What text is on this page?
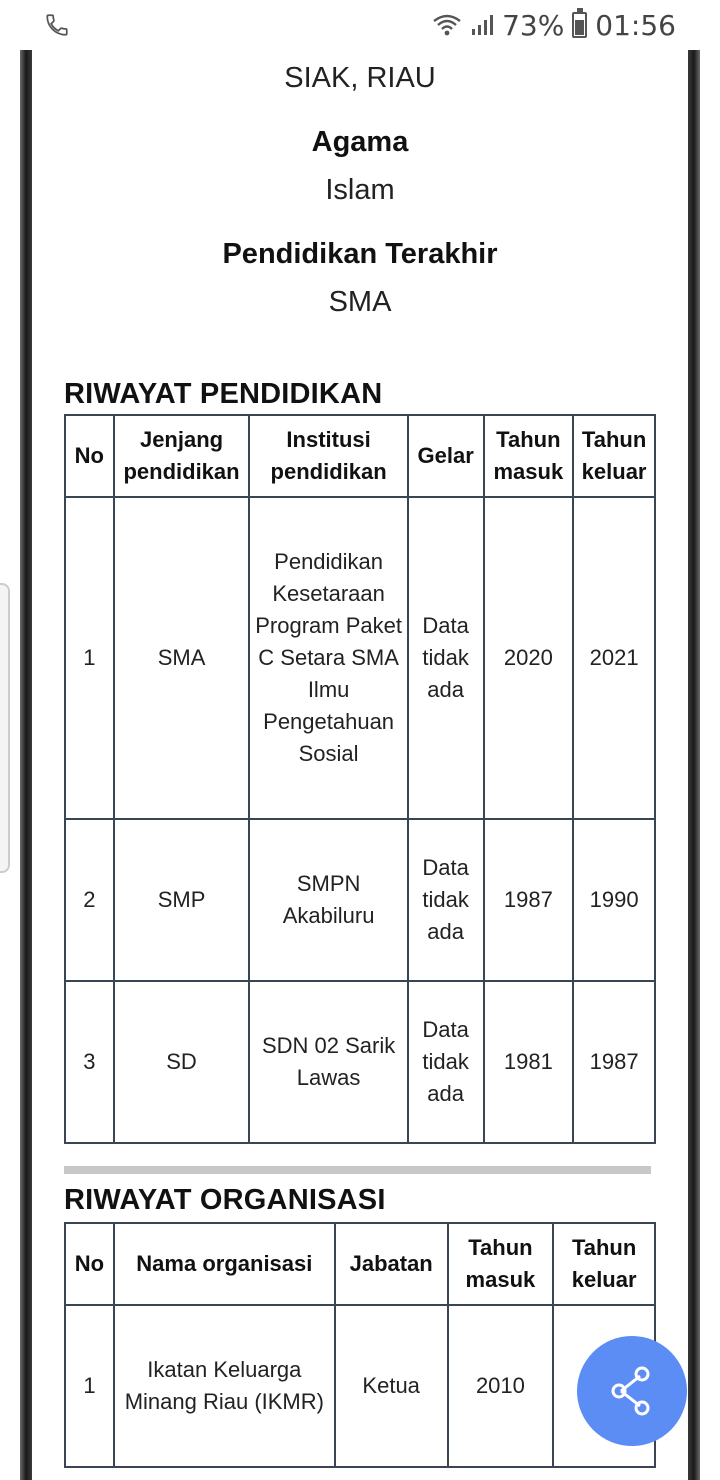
73% 01:56
SIAK, RIAU
Agama
Islam
Pendidikan Terakhir
SMA
RIWAYAT PENDIDIKAN
No	Jenjang pendidikan	Institusi pendidikan	Gelar	Tahun masuk	Tahun keluar
1	SMA	Pendidikan Kesetaraan Program Paket C Setara SMA Ilmu Pengetahuan Sosial	Data tidak ada	2020	2021
2	SMP	SMPN Akabiluru	Data tidak ada	1987	1990
3	SD	SDN 02 Sarik Lawas	Data tidak ada	1981	1987
RIWAYAT ORGANISASI
No	Nama organisasi	Jabatan	Tahun masuk	Tahun keluar
1	Ikatan Keluarga Minang Riau (IKMR)	Ketua	2010	
